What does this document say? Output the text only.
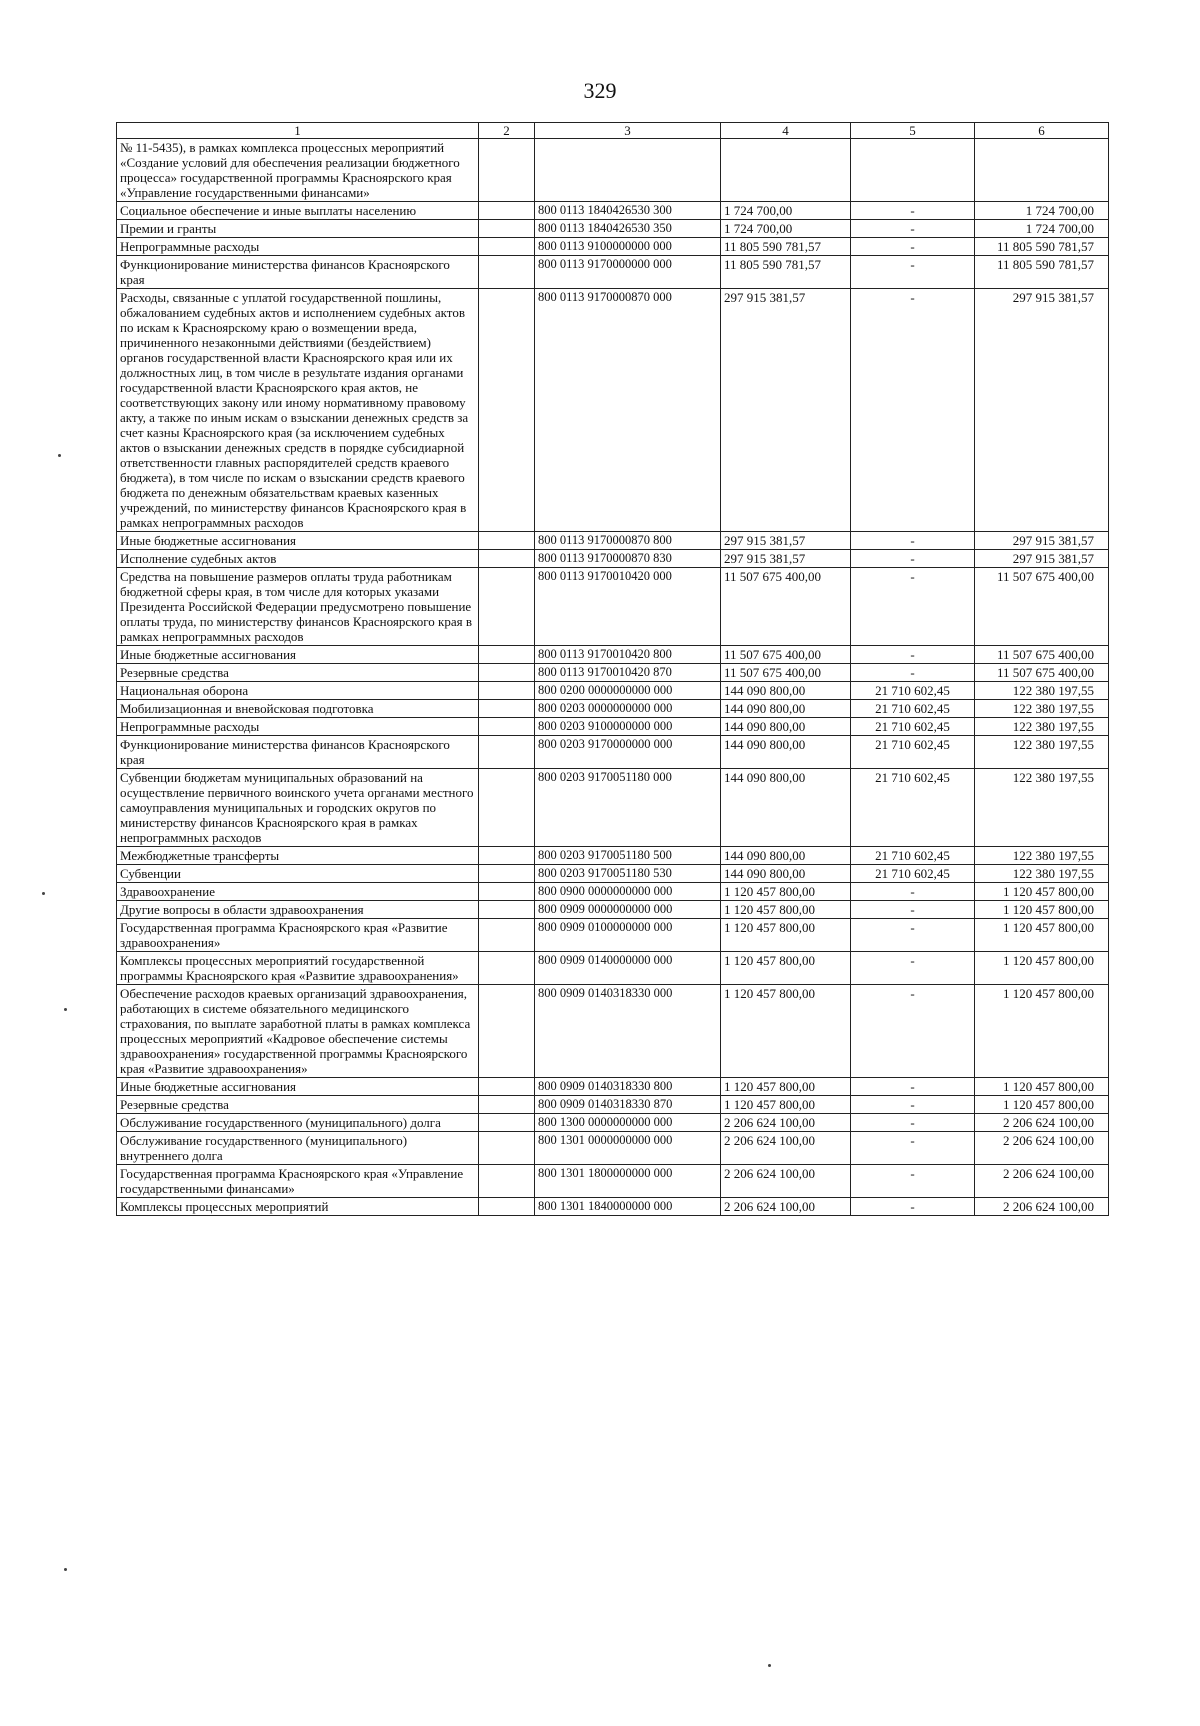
329
1	2	3	4	5	6
№ 11-5435), в рамках комплекса процессных мероприятий «Создание условий для обеспечения реализации бюджетного процесса» государственной программы Красноярского края «Управление государственными финансами»					
Социальное обеспечение и иные выплаты населению		800 0113 1840426530 300	1 724 700,00	-	1 724 700,00
Премии и гранты		800 0113 1840426530 350	1 724 700,00	-	1 724 700,00
Непрограммные расходы		800 0113 9100000000 000	11 805 590 781,57	-	11 805 590 781,57
Функционирование министерства финансов Красноярского края		800 0113 9170000000 000	11 805 590 781,57	-	11 805 590 781,57
Расходы, связанные с уплатой государственной пошлины, обжалованием судебных актов и исполнением судебных актов по искам к Красноярскому краю о возмещении вреда, причиненного незаконными действиями (бездействием) органов государственной власти Красноярского края или их должностных лиц, в том числе в результате издания органами государственной власти Красноярского края актов, не соответствующих закону или иному нормативному правовому акту, а также по иным искам о взыскании денежных средств за счет казны Красноярского края (за исключением судебных актов о взыскании денежных средств в порядке субсидиарной ответственности главных распорядителей средств краевого бюджета), в том числе по искам о взыскании средств краевого бюджета по денежным обязательствам краевых казенных учреждений, по министерству финансов Красноярского края в рамках непрограммных расходов		800 0113 9170000870 000	297 915 381,57	-	297 915 381,57
Иные бюджетные ассигнования		800 0113 9170000870 800	297 915 381,57	-	297 915 381,57
Исполнение судебных актов		800 0113 9170000870 830	297 915 381,57	-	297 915 381,57
Средства на повышение размеров оплаты труда работникам бюджетной сферы края, в том числе для которых указами Президента Российской Федерации предусмотрено повышение оплаты труда, по министерству финансов Красноярского края в рамках непрограммных расходов		800 0113 9170010420 000	11 507 675 400,00	-	11 507 675 400,00
Иные бюджетные ассигнования		800 0113 9170010420 800	11 507 675 400,00	-	11 507 675 400,00
Резервные средства		800 0113 9170010420 870	11 507 675 400,00	-	11 507 675 400,00
Национальная оборона		800 0200 0000000000 000	144 090 800,00	21 710 602,45	122 380 197,55
Мобилизационная и вневойсковая подготовка		800 0203 0000000000 000	144 090 800,00	21 710 602,45	122 380 197,55
Непрограммные расходы		800 0203 9100000000 000	144 090 800,00	21 710 602,45	122 380 197,55
Функционирование министерства финансов Красноярского края		800 0203 9170000000 000	144 090 800,00	21 710 602,45	122 380 197,55
Субвенции бюджетам муниципальных образований на осуществление первичного воинского учета органами местного самоуправления муниципальных и городских округов по министерству финансов Красноярского края в рамках непрограммных расходов		800 0203 9170051180 000	144 090 800,00	21 710 602,45	122 380 197,55
Межбюджетные трансферты		800 0203 9170051180 500	144 090 800,00	21 710 602,45	122 380 197,55
Субвенции		800 0203 9170051180 530	144 090 800,00	21 710 602,45	122 380 197,55
Здравоохранение		800 0900 0000000000 000	1 120 457 800,00	-	1 120 457 800,00
Другие вопросы в области здравоохранения		800 0909 0000000000 000	1 120 457 800,00	-	1 120 457 800,00
Государственная программа Красноярского края «Развитие здравоохранения»		800 0909 0100000000 000	1 120 457 800,00	-	1 120 457 800,00
Комплексы процессных мероприятий государственной программы Красноярского края «Развитие здравоохранения»		800 0909 0140000000 000	1 120 457 800,00	-	1 120 457 800,00
Обеспечение расходов краевых организаций здравоохранения, работающих в системе обязательного медицинского страхования, по выплате заработной платы в рамках комплекса процессных мероприятий «Кадровое обеспечение системы здравоохранения» государственной программы Красноярского края «Развитие здравоохранения»		800 0909 0140318330 000	1 120 457 800,00	-	1 120 457 800,00
Иные бюджетные ассигнования		800 0909 0140318330 800	1 120 457 800,00	-	1 120 457 800,00
Резервные средства		800 0909 0140318330 870	1 120 457 800,00	-	1 120 457 800,00
Обслуживание государственного (муниципального) долга		800 1300 0000000000 000	2 206 624 100,00	-	2 206 624 100,00
Обслуживание государственного (муниципального) внутреннего долга		800 1301 0000000000 000	2 206 624 100,00	-	2 206 624 100,00
Государственная программа Красноярского края «Управление государственными финансами»		800 1301 1800000000 000	2 206 624 100,00	-	2 206 624 100,00
Комплексы процессных мероприятий		800 1301 1840000000 000	2 206 624 100,00	-	2 206 624 100,00
